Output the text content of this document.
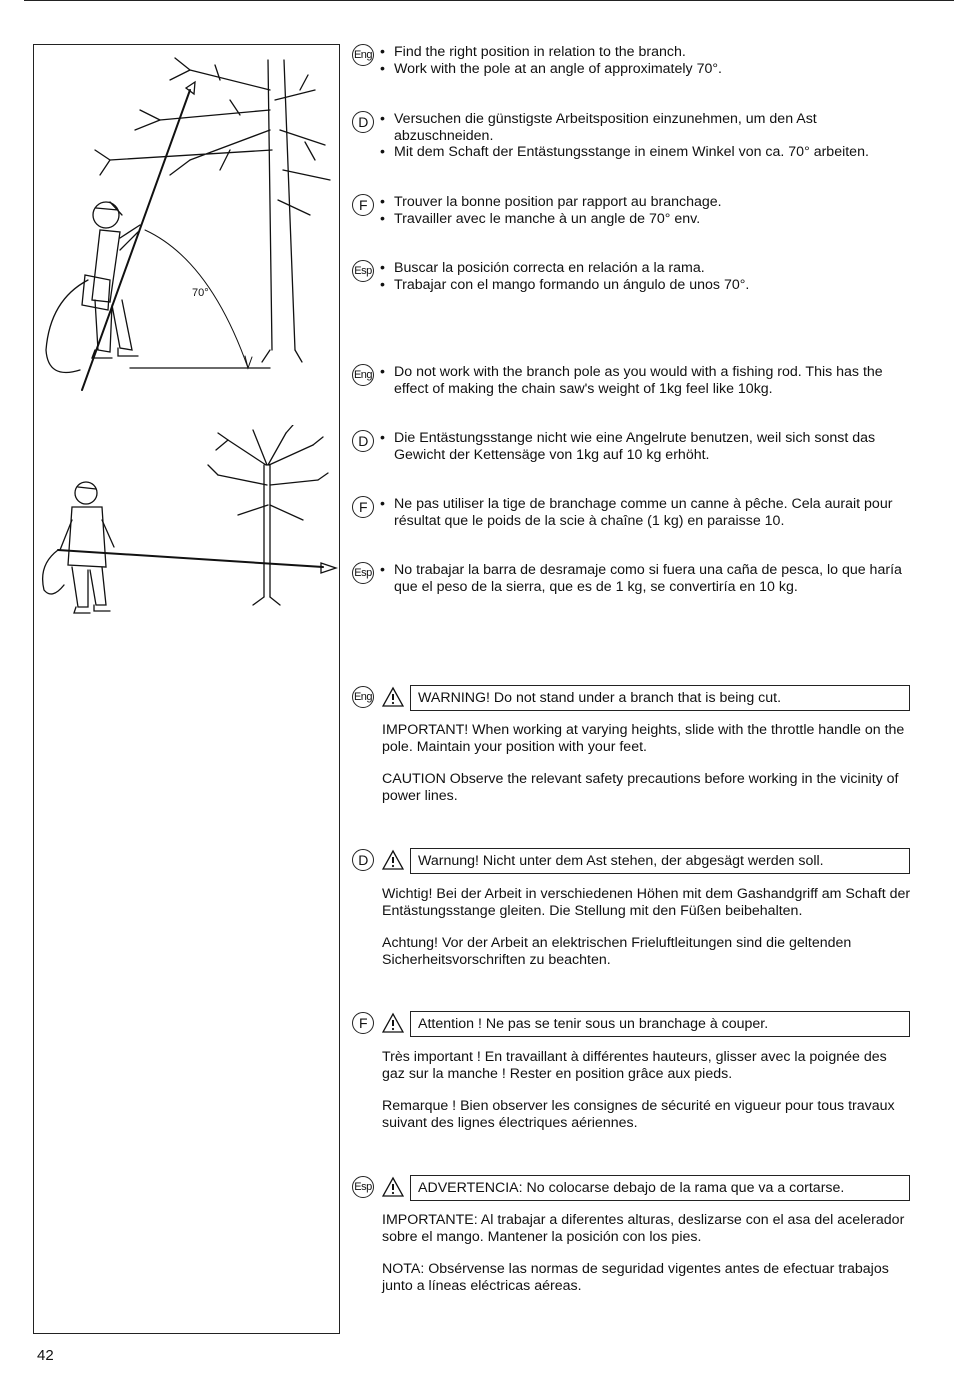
70°
Eng	• Find the right position in relation to the branch.
• Work with the pole at an angle of approximately 70°.
D	• Versuchen die günstigste Arbeitsposition einzunehmen, um den Ast abzuschneiden.
• Mit dem Schaft der Entästungsstange in einem Winkel von ca. 70° arbeiten.
F	• Trouver la bonne position par rapport au branchage.
• Travailler avec le manche à un angle de 70° env.
Esp	• Buscar la posición correcta en relación a la rama.
• Trabajar con el mango formando un ángulo de unos 70°.
Eng	• Do not work with the branch pole as you would with a fishing rod. This has the effect of making the chain saw's weight of 1kg feel like 10kg.
D	• Die Entästungsstange nicht wie eine Angelrute benutzen, weil sich sonst das Gewicht der Kettensäge von 1kg auf 10 kg erhöht.
F	• Ne pas utiliser la tige de branchage comme un canne à pêche. Cela aurait pour résultat que le poids de la scie à chaîne (1 kg) en paraisse 10.
Esp	• No trabajar la barra de desramaje como si fuera una caña de pesca, lo que haría que el peso de la sierra, que es de 1 kg, se convertiría en 10 kg.
Eng	WARNING! Do not stand under a branch that is being cut.
IMPORTANT! When working at varying heights, slide with the throttle handle on the pole. Maintain your position with your feet.
CAUTION Observe the relevant safety precautions before working in the vicinity of power lines.
D	Warnung! Nicht unter dem Ast stehen, der abgesägt werden soll.
Wichtig! Bei der Arbeit in verschiedenen Höhen mit dem Gashandgriff am Schaft der Entästungsstange gleiten. Die Stellung mit den Füßen beibehalten.
Achtung! Vor der Arbeit an elektrischen Frieluftleitungen sind die geltenden Sicherheitsvorschriften zu beachten.
F	Attention ! Ne pas se tenir sous un branchage à couper.
Très important ! En travaillant à différentes hauteurs, glisser avec la poignée des gaz sur la manche ! Rester en position grâce aux pieds.
Remarque ! Bien observer les consignes de sécurité en vigueur pour tous travaux suivant des lignes électriques aériennes.
Esp	ADVERTENCIA: No colocarse debajo de la rama que va a cortarse.
IMPORTANTE: Al trabajar a diferentes alturas, deslizarse con el asa del acelerador sobre el mango. Mantener la posición con los pies.
NOTA: Obsérvense las normas de seguridad vigentes antes de efectuar trabajos junto a líneas eléctricas aéreas.
42
